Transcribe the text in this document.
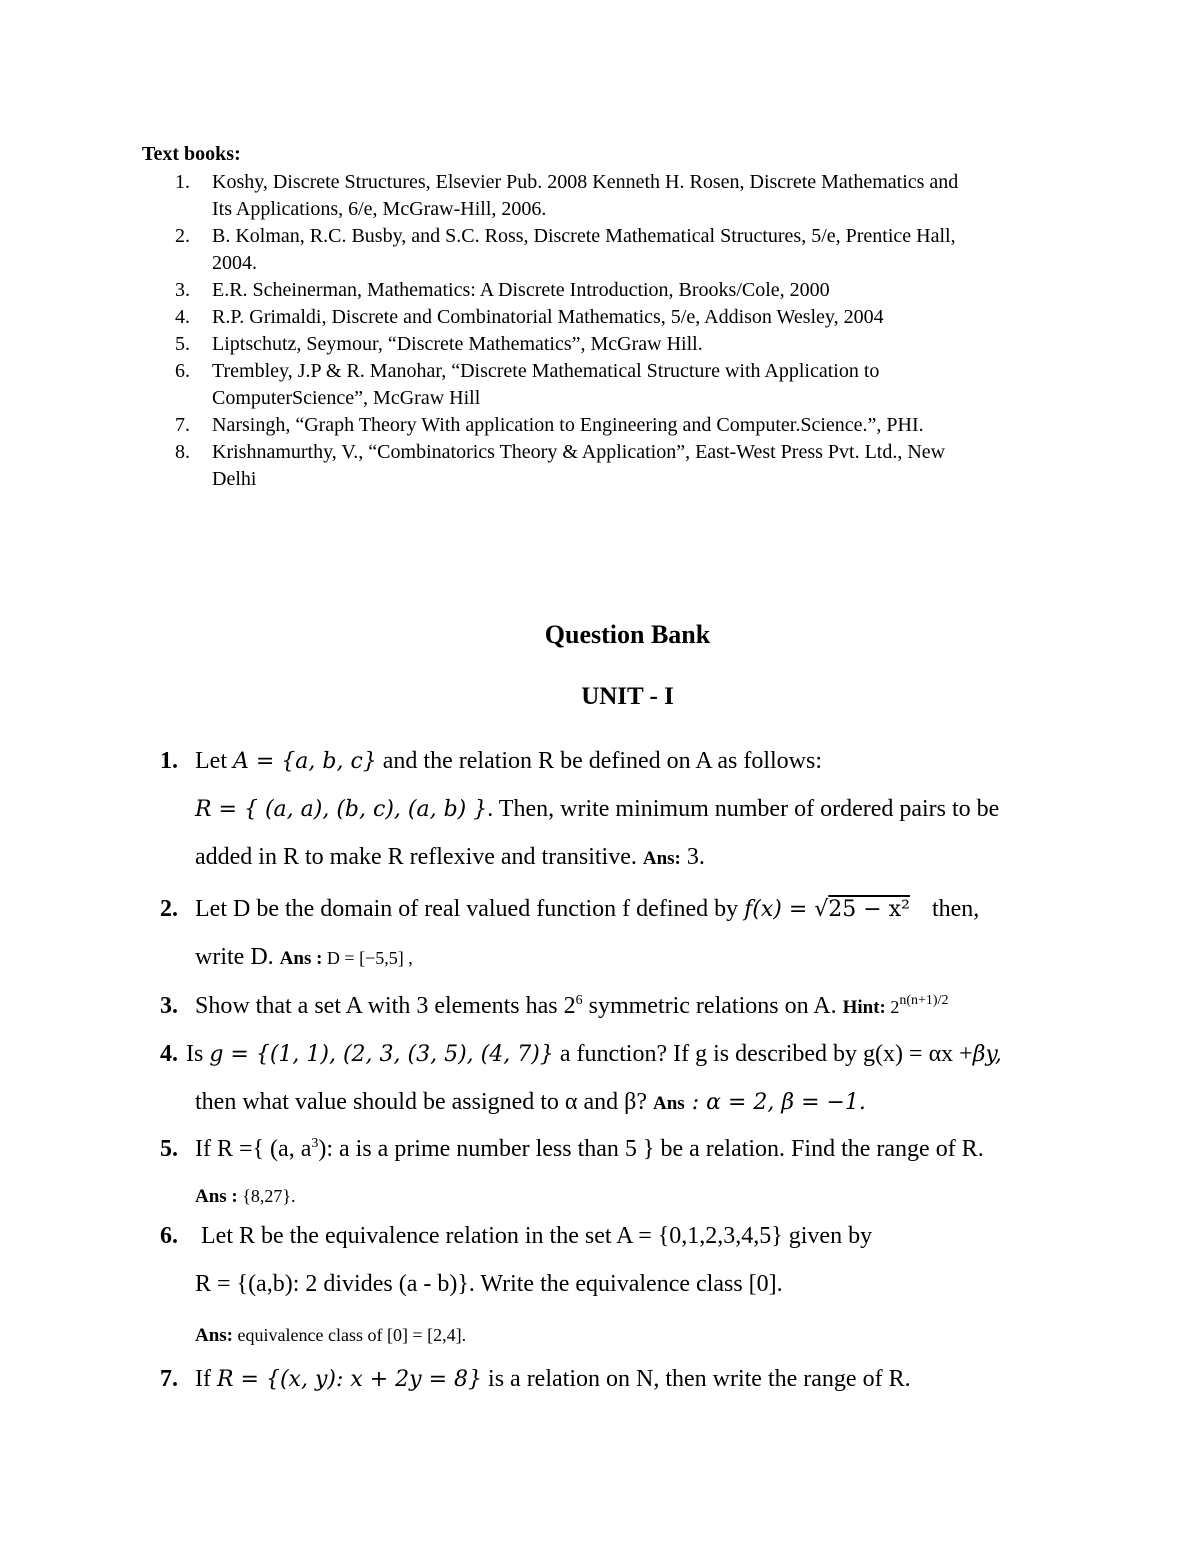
Text books:
1. Koshy, Discrete Structures, Elsevier Pub. 2008 Kenneth H. Rosen, Discrete Mathematics and
Its Applications, 6/e, McGraw-Hill, 2006.
2. B. Kolman, R.C. Busby, and S.C. Ross, Discrete Mathematical Structures, 5/e, Prentice Hall,
2004.
3. E.R. Scheinerman, Mathematics: A Discrete Introduction, Brooks/Cole, 2000
4. R.P. Grimaldi, Discrete and Combinatorial Mathematics, 5/e, Addison Wesley, 2004
5. Liptschutz, Seymour, “Discrete Mathematics”, McGraw Hill.
6. Trembley, J.P & R. Manohar, “Discrete Mathematical Structure with Application to
ComputerScience”, McGraw Hill
7. Narsingh, “Graph Theory With application to Engineering and Computer.Science.”, PHI.
8. Krishnamurthy, V., “Combinatorics Theory & Application”, East-West Press Pvt. Ltd., New
Delhi
Question Bank
UNIT - I
1. Let A = {a, b, c} and the relation R be defined on A as follows:
R = { (a, a), (b, c), (a, b) }. Then, write minimum number of ordered pairs to be
added in R to make R reflexive and transitive. Ans: 3.
2. Let D be the domain of real valued function f defined by f(x) = √25 − x² then,
write D. Ans : D = [−5,5] ,
3. Show that a set A with 3 elements has $2^6$ symmetric relations on A. Hint: $2^{n(n+1)/2}$
4. Is g = {(1, 1), (2, 3, (3, 5), (4, 7)} a function? If g is described by g(x) = αx +βy,
then what value should be assigned to α and β? Ans : α = 2, β = −1.
5. If R ={ (a, $a^3$): a is a prime number less than 5 } be a relation. Find the range of R.
Ans : {8,27}.
6. Let R be the equivalence relation in the set A = {0,1,2,3,4,5} given by
R = {(a,b): 2 divides (a - b)}. Write the equivalence class [0].
Ans: equivalence class of [0] = [2,4].
7. If R = {(x, y): x + 2y = 8} is a relation on N, then write the range of R.
